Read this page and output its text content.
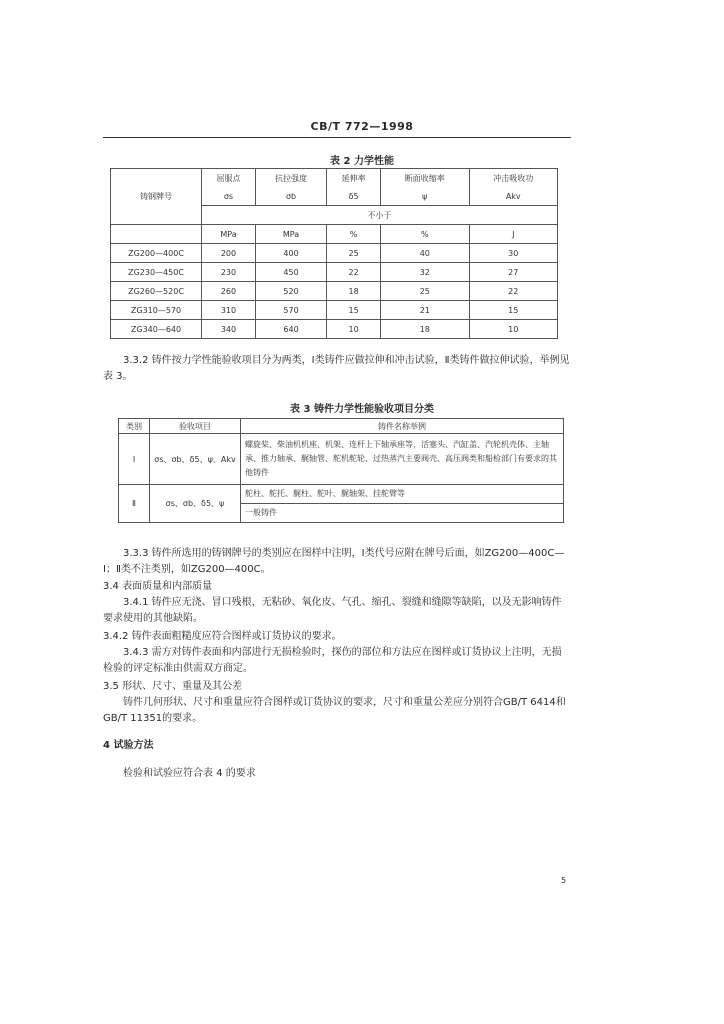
CB/T 772—1998
表 2 力学性能
铸钢牌号	屈服点	抗拉强度	延伸率	断面收缩率	冲击吸收功
	σs	σb	δ5	ψ	Akv
	不小于				
	MPa	MPa	%	%	J
ZG200—400C	200	400	25	40	30
ZG230—450C	230	450	22	32	27
ZG260—520C	260	520	18	25	22
ZG310—570	310	570	15	21	15
ZG340—640	340	640	10	18	10
3.3.2 铸件按力学性能验收项目分为两类，Ⅰ类铸件应做拉伸和冲击试验，Ⅱ类铸件做拉伸试验，举例见表 3。
表 3 铸件力学性能验收项目分类
类别	验收项目	铸件名称举例
Ⅰ	σs、σb、δ5、ψ、Akv	螺旋桨、柴油机机座、机架、连杆上下轴承座等，活塞头、汽缸盖、汽轮机壳体、主轴承、推力轴承、艉轴管、舵机舵轮、过热蒸汽主要阀壳、高压阀类和船检部门有要求的其他铸件
Ⅱ	σs、σb、δ5、ψ	舵柱、舵托、艉柱、舵叶、艉轴架、挂舵臂等
		一般铸件
3.3.3 铸件所选用的铸钢牌号的类别应在图样中注明，Ⅰ类代号应附在牌号后面，如ZG200—400C—Ⅰ；Ⅱ类不注类别，如ZG200—400C。
3.4 表面质量和内部质量
3.4.1 铸件应无浇、冒口残根，无粘砂、氧化皮、气孔、缩孔、裂缝和缝隙等缺陷，以及无影响铸件要求使用的其他缺陷。
3.4.2 铸件表面粗糙度应符合图样或订货协议的要求。
3.4.3 需方对铸件表面和内部进行无损检验时，探伤的部位和方法应在图样或订货协议上注明，无损检验的评定标准由供需双方商定。
3.5 形状、尺寸、重量及其公差
铸件几何形状、尺寸和重量应符合图样或订货协议的要求，尺寸和重量公差应分别符合GB/T 6414和GB/T 11351的要求。
4 试验方法
检验和试验应符合表 4 的要求
5
